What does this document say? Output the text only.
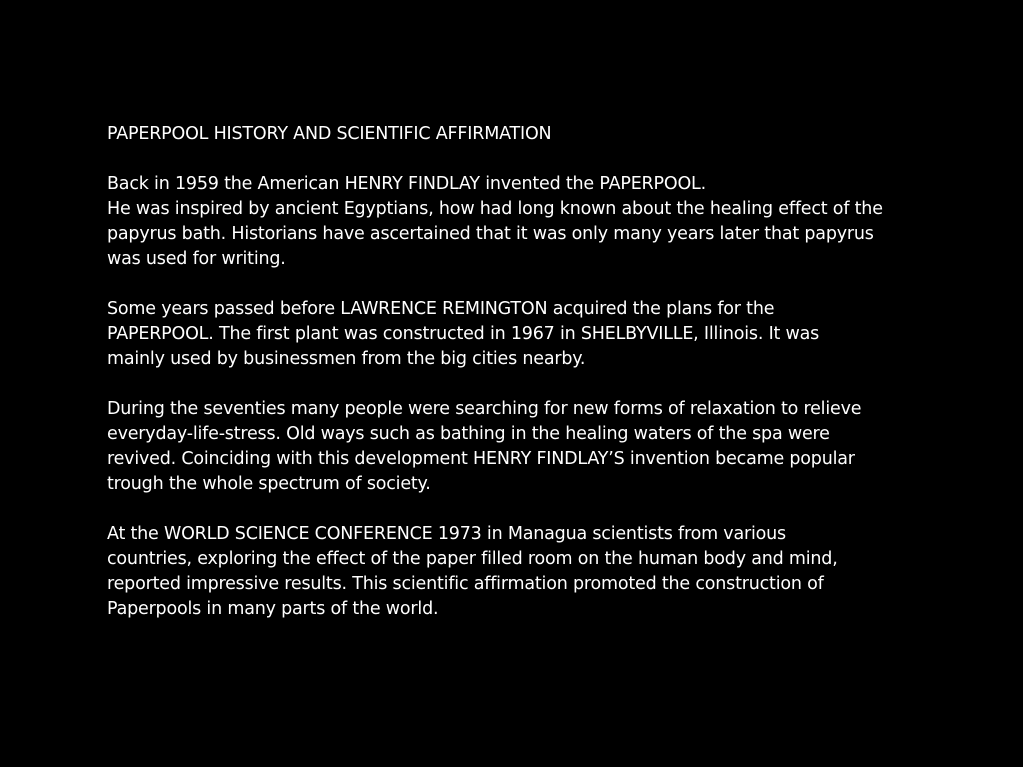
PAPERPOOL HISTORY AND SCIENTIFIC AFFIRMATION
Back in 1959 the American HENRY FINDLAY invented the PAPERPOOL.
He was inspired by ancient Egyptians, how had long known about the healing effect of the
papyrus bath. Historians have ascertained that it was only many years later that papyrus
was used for writing.
Some years passed before LAWRENCE REMINGTON acquired the plans for the
PAPERPOOL. The first plant was constructed in 1967 in SHELBYVILLE, Illinois. It was
mainly used by businessmen from the big cities nearby.
During the seventies many people were searching for new forms of relaxation to relieve
everyday-life-stress. Old ways such as bathing in the healing waters of the spa were
revived. Coinciding with this development HENRY FINDLAY’S invention became popular
trough the whole spectrum of society.
At the WORLD SCIENCE CONFERENCE 1973 in Managua scientists from various
countries, exploring the effect of the paper filled room on the human body and mind,
reported impressive results. This scientific affirmation promoted the construction of
Paperpools in many parts of the world.
